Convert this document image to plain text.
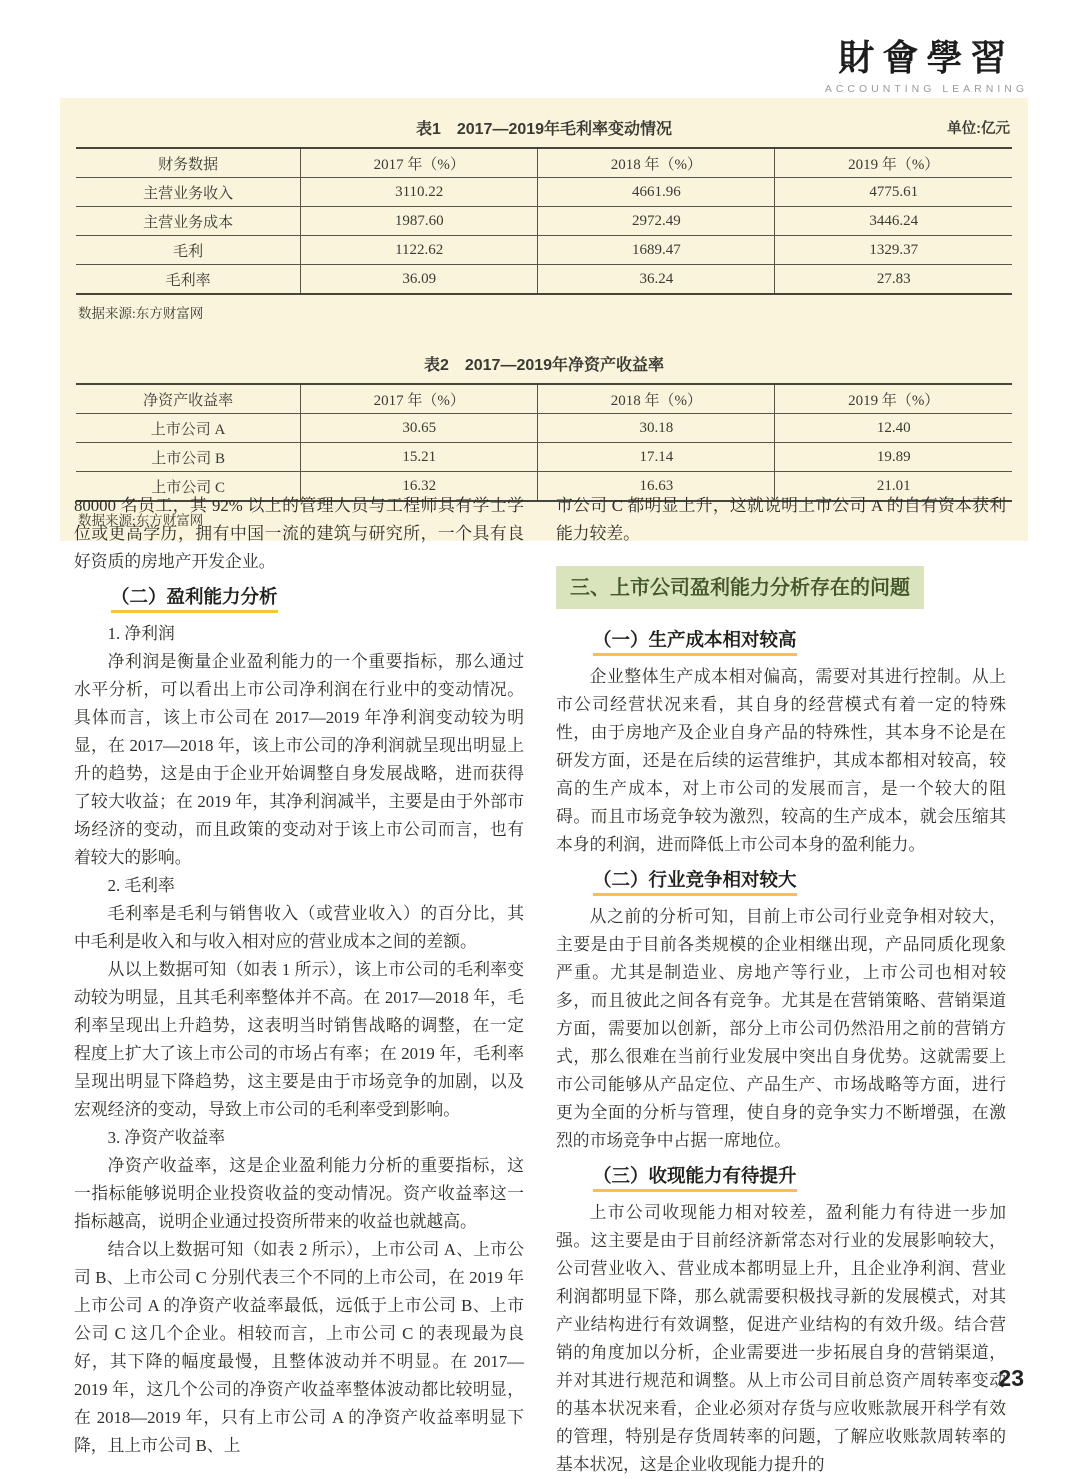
財會學習
ACCOUNTING LEARNING
表1　2017—2019年毛利率变动情况	单位:亿元
财务数据	2017 年（%）	2018 年（%）	2019 年（%）
主营业务收入	3110.22	4661.96	4775.61
主营业务成本	1987.60	2972.49	3446.24
毛利	1122.62	1689.47	1329.37
毛利率	36.09	36.24	27.83
数据来源:东方财富网
表2　2017—2019年净资产收益率
净资产收益率	2017 年（%）	2018 年（%）	2019 年（%）
上市公司 A	30.65	30.18	12.40
上市公司 B	15.21	17.14	19.89
上市公司 C	16.32	16.63	21.01
数据来源:东方财富网

80000 名员工，其 92% 以上的管理人员与工程师具有学士学位或更高学历，拥有中国一流的建筑与研究所，一个具有良好资质的房地产开发企业。

（二）盈利能力分析

1. 净利润

净利润是衡量企业盈利能力的一个重要指标，那么通过水平分析，可以看出上市公司净利润在行业中的变动情况。具体而言，该上市公司在 2017—2019 年净利润变动较为明显，在 2017—2018 年，该上市公司的净利润就呈现出明显上升的趋势，这是由于企业开始调整自身发展战略，进而获得了较大收益；在 2019 年，其净利润减半，主要是由于外部市场经济的变动，而且政策的变动对于该上市公司而言，也有着较大的影响。

2. 毛利率

毛利率是毛利与销售收入（或营业收入）的百分比，其中毛利是收入和与收入相对应的营业成本之间的差额。

从以上数据可知（如表 1 所示），该上市公司的毛利率变动较为明显，且其毛利率整体并不高。在 2017—2018 年，毛利率呈现出上升趋势，这表明当时销售战略的调整，在一定程度上扩大了该上市公司的市场占有率；在 2019 年，毛利率呈现出明显下降趋势，这主要是由于市场竞争的加剧，以及宏观经济的变动，导致上市公司的毛利率受到影响。

3. 净资产收益率

净资产收益率，这是企业盈利能力分析的重要指标，这一指标能够说明企业投资收益的变动情况。资产收益率这一指标越高，说明企业通过投资所带来的收益也就越高。

结合以上数据可知（如表 2 所示），上市公司 A、上市公司 B、上市公司 C 分别代表三个不同的上市公司，在 2019 年上市公司 A 的净资产收益率最低，远低于上市公司 B、上市公司 C 这几个企业。相较而言，上市公司 C 的表现最为良好，其下降的幅度最慢，且整体波动并不明显。在 2017—2019 年，这几个公司的净资产收益率整体波动都比较明显，在 2018—2019 年，只有上市公司 A 的净资产收益率明显下降，且上市公司 B、上

市公司 C 都明显上升，这就说明上市公司 A 的自有资本获利能力较差。

三、上市公司盈利能力分析存在的问题
（一）生产成本相对较高

企业整体生产成本相对偏高，需要对其进行控制。从上市公司经营状况来看，其自身的经营模式有着一定的特殊性，由于房地产及企业自身产品的特殊性，其本身不论是在研发方面，还是在后续的运营维护，其成本都相对较高，较高的生产成本，对上市公司的发展而言，是一个较大的阻碍。而且市场竞争较为激烈，较高的生产成本，就会压缩其本身的利润，进而降低上市公司本身的盈利能力。

（二）行业竞争相对较大

从之前的分析可知，目前上市公司行业竞争相对较大，主要是由于目前各类规模的企业相继出现，产品同质化现象严重。尤其是制造业、房地产等行业，上市公司也相对较多，而且彼此之间各有竞争。尤其是在营销策略、营销渠道方面，需要加以创新，部分上市公司仍然沿用之前的营销方式，那么很难在当前行业发展中突出自身优势。这就需要上市公司能够从产品定位、产品生产、市场战略等方面，进行更为全面的分析与管理，使自身的竞争实力不断增强，在激烈的市场竞争中占据一席地位。

（三）收现能力有待提升

上市公司收现能力相对较差，盈利能力有待进一步加强。这主要是由于目前经济新常态对行业的发展影响较大，公司营业收入、营业成本都明显上升，且企业净利润、营业利润都明显下降，那么就需要积极找寻新的发展模式，对其产业结构进行有效调整，促进产业结构的有效升级。结合营销的角度加以分析，企业需要进一步拓展自身的营销渠道，并对其进行规范和调整。从上市公司目前总资产周转率变动的基本状况来看，企业必须对存货与应收账款展开科学有效的管理，特别是存货周转率的问题，了解应收账款周转率的基本状况，这是企业收现能力提升的

23
